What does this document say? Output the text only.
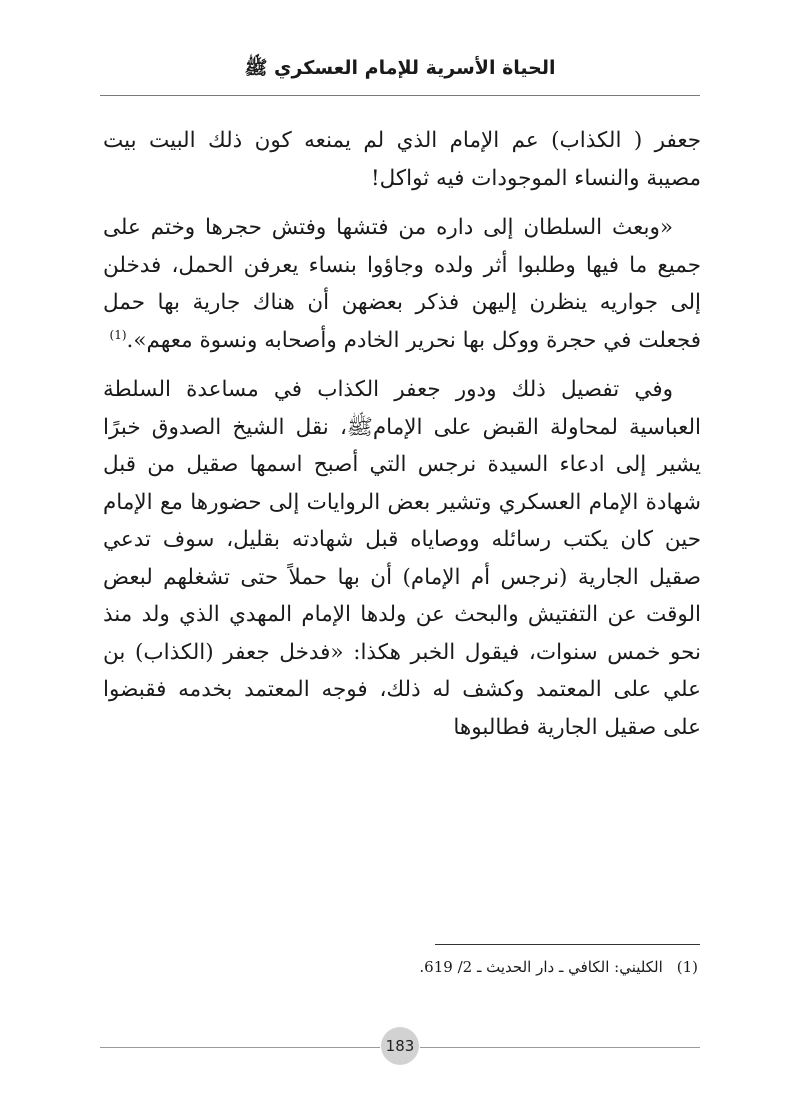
الحياة الأسرية للإمام العسكري ﷺ

جعفر ( الكذاب) عم الإمام الذي لم يمنعه كون ذلك البيت بيت مصيبة والنساء الموجودات فيه ثواكل!

«وبعث السلطان إلى داره من فتشها وفتش حجرها وختم على جميع ما فيها وطلبوا أثر ولده وجاؤوا بنساء يعرفن الحمل، فدخلن إلى جواريه ينظرن إليهن فذكر بعضهن أن هناك جارية بها حمل فجعلت في حجرة ووكل بها نحرير الخادم وأصحابه ونسوة معهم».$^{(1)}$

وفي تفصيل ذلك ودور جعفر الكذاب في مساعدة السلطة العباسية لمحاولة القبض على الإمامﷺ، نقل الشيخ الصدوق خبرًا يشير إلى ادعاء السيدة نرجس التي أصبح اسمها صقيل من قبل شهادة الإمام العسكري وتشير بعض الروايات إلى حضورها مع الإمام حين كان يكتب رسائله ووصاياه قبل شهادته بقليل، سوف تدعي صقيل الجارية (نرجس أم الإمام) أن بها حملاً حتى تشغلهم لبعض الوقت عن التفتيش والبحث عن ولدها الإمام المهدي الذي ولد منذ نحو خمس سنوات، فيقول الخبر هكذا: «فدخل جعفر (الكذاب) بن علي على المعتمد وكشف له ذلك، فوجه المعتمد بخدمه فقبضوا على صقيل الجارية فطالبوها

(1)الكليني: الكافي ـ دار الحديث ـ 2/ 619.
183
